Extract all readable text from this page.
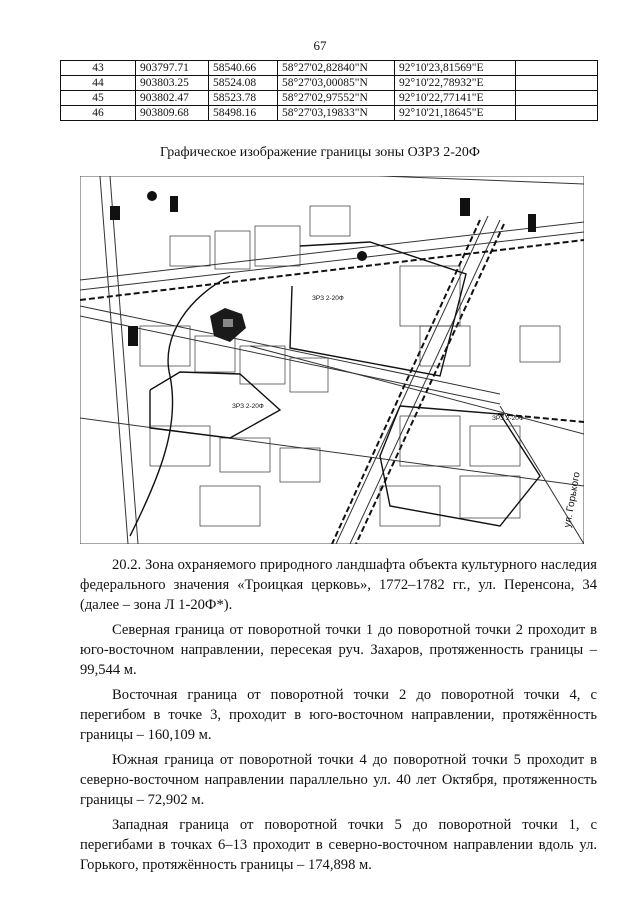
67
43	903797.71	58540.66	58°27'02,82840"N	92°10'23,81569"E	
44	903803.25	58524.08	58°27'03,00085"N	92°10'22,78932"E	
45	903802.47	58523.78	58°27'02,97552"N	92°10'22,77141"E	
46	903809.68	58498.16	58°27'03,19833"N	92°10'21,18645"E	
Графическое изображение границы зоны ОЗРЗ 2-20Ф
ЗРЗ 2-20Ф
ЗРЗ 2-20Ф
ЗРЗ 2-20Ф
ул. Горького

20.2. Зона охраняемого природного ландшафта объекта культурного наследия федерального значения «Троицкая церковь», 1772–1782 гг., ул. Перенсона, 34 (далее – зона Л 1-20Ф*).

Северная граница от поворотной точки 1 до поворотной точки 2 проходит в юго-восточном направлении, пересекая руч. Захаров, протяженность границы – 99,544 м.

Восточная граница от поворотной точки 2 до поворотной точки 4, с перегибом в точке 3, проходит в юго-восточном направлении, протяжённость границы – 160,109 м.

Южная граница от поворотной точки 4 до поворотной точки 5 проходит в северно-восточном направлении параллельно ул. 40 лет Октября, протяженность границы – 72,902 м.

Западная граница от поворотной точки 5 до поворотной точки 1, с перегибами в точках 6–13 проходит в северно-восточном направлении вдоль ул. Горького, протяжённость границы – 174,898 м.
